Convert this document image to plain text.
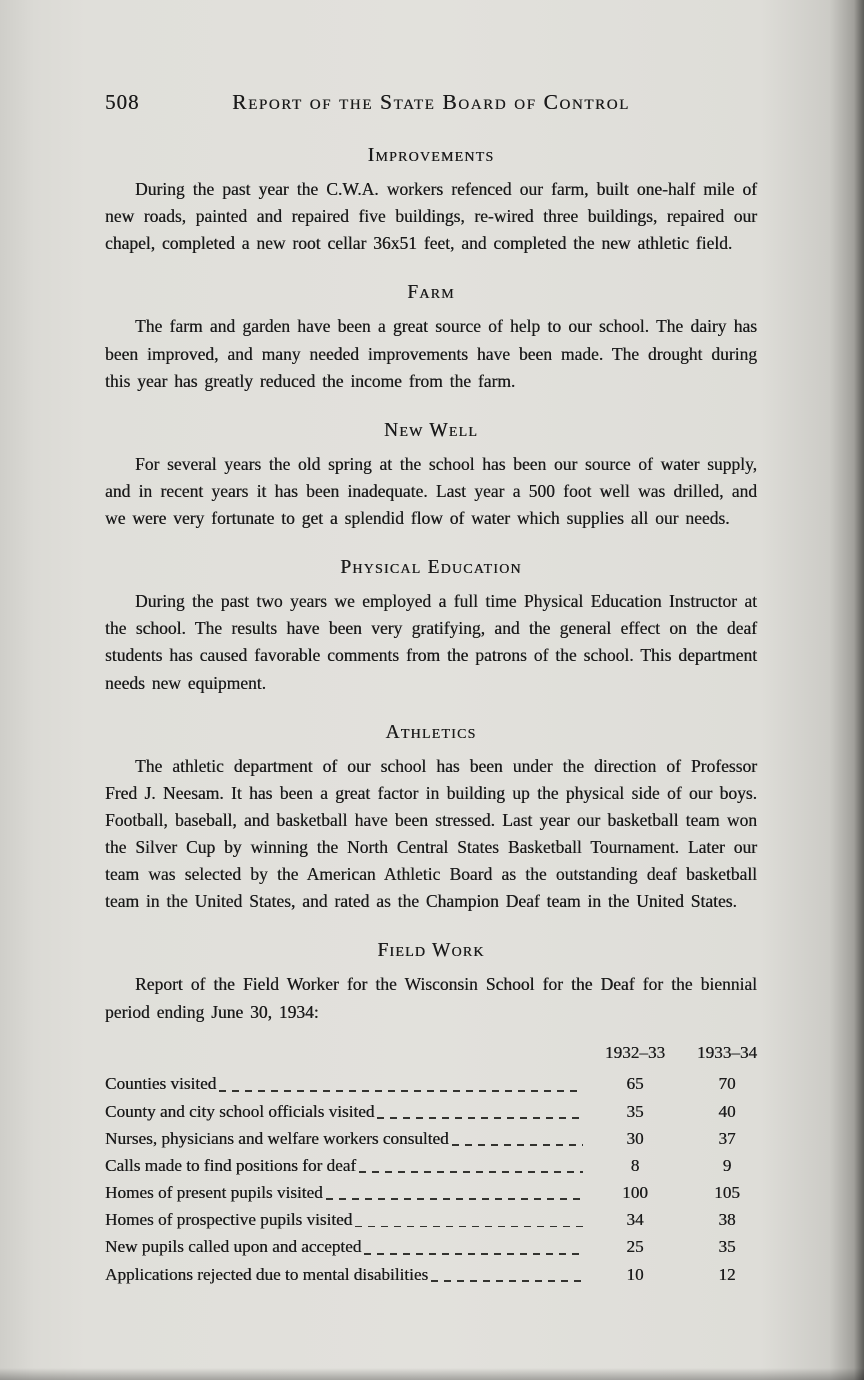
508	Report of the State Board of Control
Improvements

During the past year the C.W.A. workers refenced our farm, built one-half mile of new roads, painted and repaired five buildings, re-wired three buildings, repaired our chapel, completed a new root cellar 36x51 feet, and completed the new athletic field.

Farm

The farm and garden have been a great source of help to our school. The dairy has been improved, and many needed improvements have been made. The drought during this year has greatly reduced the income from the farm.

New Well

For several years the old spring at the school has been our source of water supply, and in recent years it has been inadequate. Last year a 500 foot well was drilled, and we were very fortunate to get a splendid flow of water which supplies all our needs.

Physical Education

During the past two years we employed a full time Physical Education Instructor at the school. The results have been very gratifying, and the general effect on the deaf students has caused favorable comments from the patrons of the school. This department needs new equipment.

Athletics

The athletic department of our school has been under the direction of Professor Fred J. Neesam. It has been a great factor in building up the physical side of our boys. Football, baseball, and basketball have been stressed. Last year our basketball team won the Silver Cup by winning the North Central States Basketball Tournament. Later our team was selected by the American Athletic Board as the outstanding deaf basketball team in the United States, and rated as the Champion Deaf team in the United States.

Field Work

Report of the Field Worker for the Wisconsin School for the Deaf for the biennial period ending June 30, 1934:

1932–33	1933–34
Counties visited	65	70
County and city school officials visited	35	40
Nurses, physicians and welfare workers consulted	30	37
Calls made to find positions for deaf	8	9
Homes of present pupils visited	100	105
Homes of prospective pupils visited	34	38
New pupils called upon and accepted	25	35
Applications rejected due to mental disabilities	10	12
